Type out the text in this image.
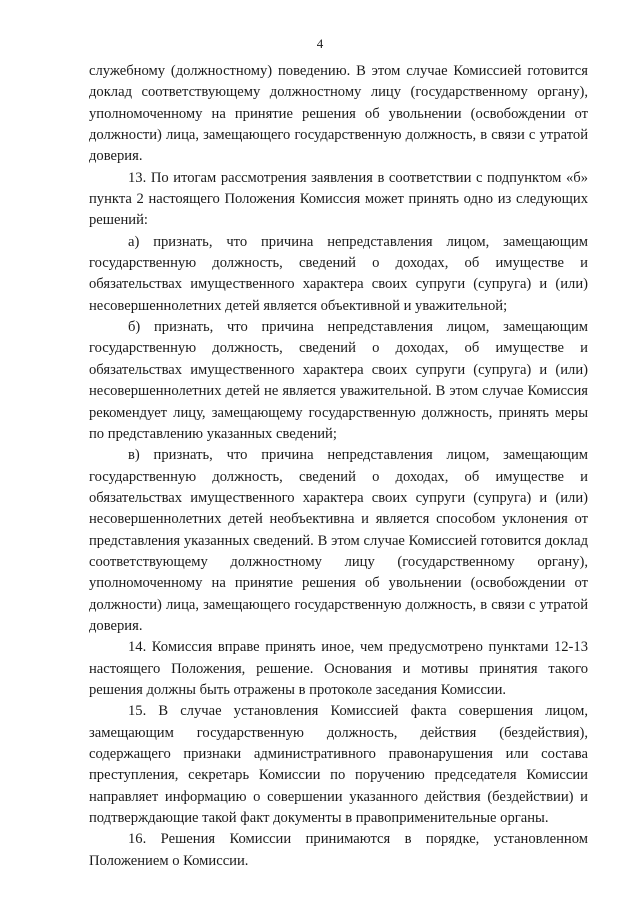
4

служебному (должностному) поведению. В этом случае Комиссией готовится доклад соответствующему должностному лицу (государственному органу), уполномоченному на принятие решения об увольнении (освобождении от должности) лица, замещающего государственную должность, в связи с утратой доверия.

13. По итогам рассмотрения заявления в соответствии с подпунктом «б» пункта 2 настоящего Положения Комиссия может принять одно из следующих решений:

а) признать, что причина непредставления лицом, замещающим государственную должность, сведений о доходах, об имуществе и обязательствах имущественного характера своих супруги (супруга) и (или) несовершеннолетних детей является объективной и уважительной;

б) признать, что причина непредставления лицом, замещающим государственную должность, сведений о доходах, об имуществе и обязательствах имущественного характера своих супруги (супруга) и (или) несовершеннолетних детей не является уважительной. В этом случае Комиссия рекомендует лицу, замещающему государственную должность, принять меры по представлению указанных сведений;

в) признать, что причина непредставления лицом, замещающим государственную должность, сведений о доходах, об имуществе и обязательствах имущественного характера своих супруги (супруга) и (или) несовершеннолетних детей необъективна и является способом уклонения от представления указанных сведений. В этом случае Комиссией готовится доклад соответствующему должностному лицу (государственному органу), уполномоченному на принятие решения об увольнении (освобождении от должности) лица, замещающего государственную должность, в связи с утратой доверия.

14. Комиссия вправе принять иное, чем предусмотрено пунктами 12-13 настоящего Положения, решение. Основания и мотивы принятия такого решения должны быть отражены в протоколе заседания Комиссии.

15. В случае установления Комиссией факта совершения лицом, замещающим государственную должность, действия (бездействия), содержащего признаки административного правонарушения или состава преступления, секретарь Комиссии по поручению председателя Комиссии направляет информацию о совершении указанного действия (бездействии) и подтверждающие такой факт документы в правоприменительные органы.

16. Решения Комиссии принимаются в порядке, установленном Положением о Комиссии.
